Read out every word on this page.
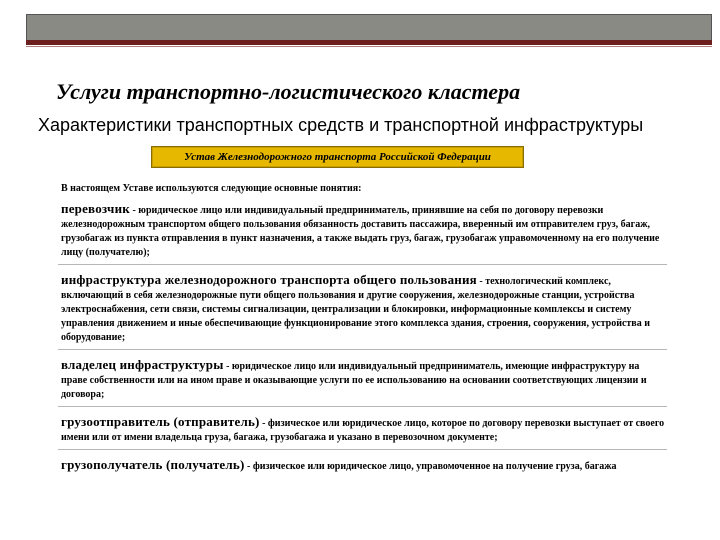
Услуги транспортно-логистического кластера
Характеристики транспортных средств и транспортной инфраструктуры
Устав Железнодорожного транспорта Российской Федерации

В настоящем Уставе используются следующие основные понятия:

перевозчик - юридическое лицо или индивидуальный предприниматель, принявшие на себя по договору перевозки железнодорожным транспортом общего пользования обязанность доставить пассажира, вверенный им отправителем груз, багаж, грузобагаж из пункта отправления в пункт назначения, а также выдать груз, багаж, грузобагаж управомоченному на его получение лицу (получателю);

инфраструктура железнодорожного транспорта общего пользования - технологический комплекс, включающий в себя железнодорожные пути общего пользования и другие сооружения, железнодорожные станции, устройства электроснабжения, сети связи, системы сигнализации, централизации и блокировки, информационные комплексы и систему управления движением и иные обеспечивающие функционирование этого комплекса здания, строения, сооружения, устройства и оборудование;

владелец инфраструктуры - юридическое лицо или индивидуальный предприниматель, имеющие инфраструктуру на праве собственности или на ином праве и оказывающие услуги по ее использованию на основании соответствующих лицензии и договора;

грузоотправитель (отправитель) - физическое или юридическое лицо, которое по договору перевозки выступает от своего имени или от имени владельца груза, багажа, грузобагажа и указано в перевозочном документе;

грузополучатель (получатель) - физическое или юридическое лицо, управомоченное на получение груза, багажа
